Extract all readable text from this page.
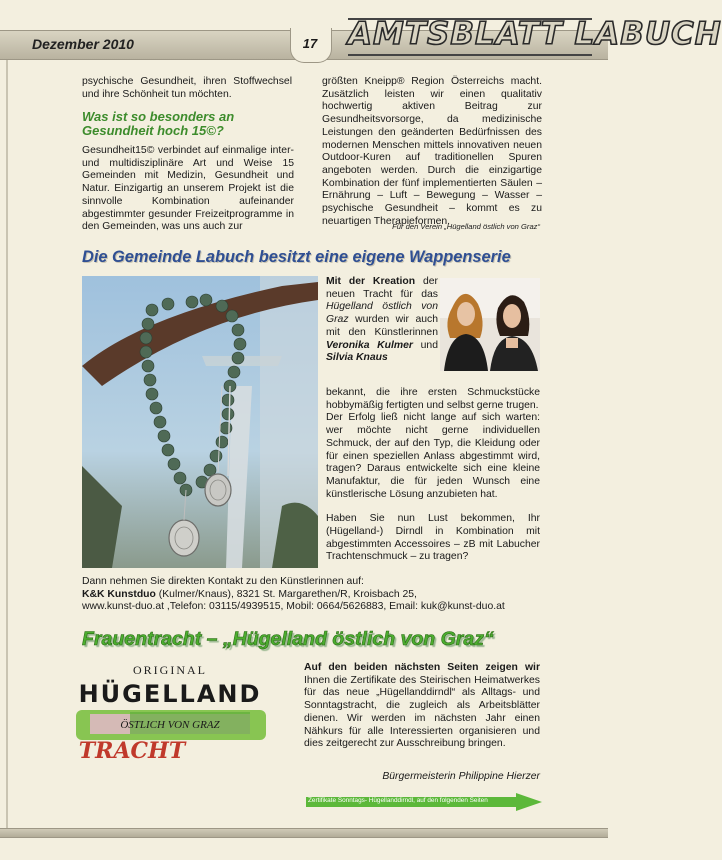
Dezember 2010	17 AMTSBLATT LABUCH
psychische Gesundheit, ihren Stoffwechsel und ihre Schönheit tun möchten.
Was ist so besonders an Gesundheit hoch 15©?
Gesundheit15© verbindet auf einmalige inter- und multidisziplinäre Art und Weise 15 Gemeinden mit Medizin, Gesundheit und Natur. Einzigartig an unserem Projekt ist die sinnvolle Kombination aufeinander abgestimmter gesunder Freizeitprogramme in den Gemeinden, was uns auch zur
größten Kneipp® Region Österreichs macht. Zusätzlich leisten wir einen qualitativ hochwertig aktiven Beitrag zur Gesundheitsvorsorge, da medizinische Leistungen den geänderten Bedürfnissen des modernen Menschen mittels innovativen neuen Outdoor-Kuren auf traditionellen Spuren angeboten werden. Durch die einzigartige Kombination der fünf implementierten Säulen – Ernährung – Luft – Bewegung – Wasser – psychische Gesundheit – kommt es zu neuartigen Therapieformen.
Für den Verein „Hügelland östlich von Graz“
Die Gemeinde Labuch besitzt eine eigene Wappenserie
Mit der Kreation der neuen Tracht für das Hügelland östlich von Graz wurden wir auch mit den Künstlerinnen Veronika Kulmer und Silvia Knaus

bekannt, die ihre ersten Schmuckstücke hobbymäßig fertigten und selbst gerne trugen.

Der Erfolg ließ nicht lange auf sich warten: wer möchte nicht gerne individuellen Schmuck, der auf den Typ, die Kleidung oder für einen speziellen Anlass abgestimmt wird, tragen? Daraus entwickelte sich eine kleine Manufaktur, die für jeden Wunsch eine künstlerische Lösung anzubieten hat.

Haben Sie nun Lust bekommen, Ihr (Hügelland-) Dirndl in Kombination mit abgestimmten Accessoires – zB mit Labucher Trachtenschmuck – zu tragen?

Dann nehmen Sie direkten Kontakt zu den Künstlerinnen auf:
K&K Kunstduo (Kulmer/Knaus), 8321 St. Margarethen/R, Kroisbach 25,
www.kunst-duo.at ,Telefon: 03115/4939515, Mobil: 0664/5626883, Email: kuk@kunst-duo.at
Frauentracht – „Hügelland östlich von Graz“
ORIGINAL
HÜGELLAND
ÖSTLICH VON GRAZ
TRACHT
Auf den beiden nächsten Seiten zeigen wir Ihnen die Zertifikate des Steirischen Heimatwerkes für das neue „Hügellanddirndl“ als Alltags- und Sonntagstracht, die zugleich als Arbeitsblätter dienen. Wir werden im nächsten Jahr einen Nähkurs für alle Interessierten organisieren und dies zeitgerecht zur Ausschreibung bringen.
Bürgermeisterin Philippine Hierzer
Zertifikate Sonntags- Hügellanddirndl, auf den folgenden Seiten
